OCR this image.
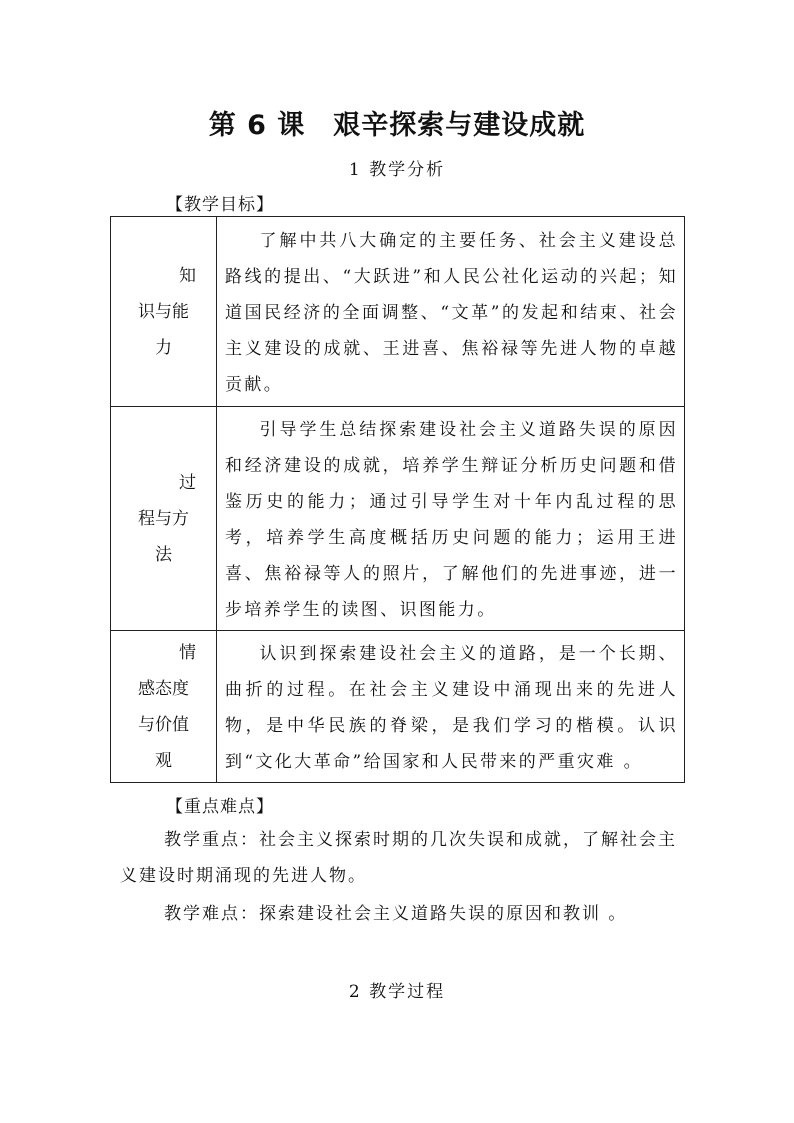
第 6 课　艰辛探索与建设成就
1 教学分析
【教学目标】
知
识与能
力	了解中共八大确定的主要任务、社会主义建设总路线的提出、“大跃进”和人民公社化运动的兴起；知道国民经济的全面调整、“文革”的发起和结束、社会主义建设的成就、王进喜、焦裕禄等先进人物的卓越贡献。

过
程与方
法	引导学生总结探索建设社会主义道路失误的原因和经济建设的成就，培养学生辩证分析历史问题和借鉴历史的能力；通过引导学生对十年内乱过程的思考，培养学生高度概括历史问题的能力；运用王进喜、焦裕禄等人的照片，了解他们的先进事迹，进一步培养学生的读图、识图能力。

情
感态度
与价值
观	认识到探索建设社会主义的道路，是一个长期、曲折的过程。在社会主义建设中涌现出来的先进人物，是中华民族的脊梁，是我们学习的楷模。认识到“文化大革命”给国家和人民带来的严重灾难 。
【重点难点】
教学重点：社会主义探索时期的几次失误和成就，了解社会主义建设时期涌现的先进人物。
教学难点：探索建设社会主义道路失误的原因和教训 。
2 教学过程
